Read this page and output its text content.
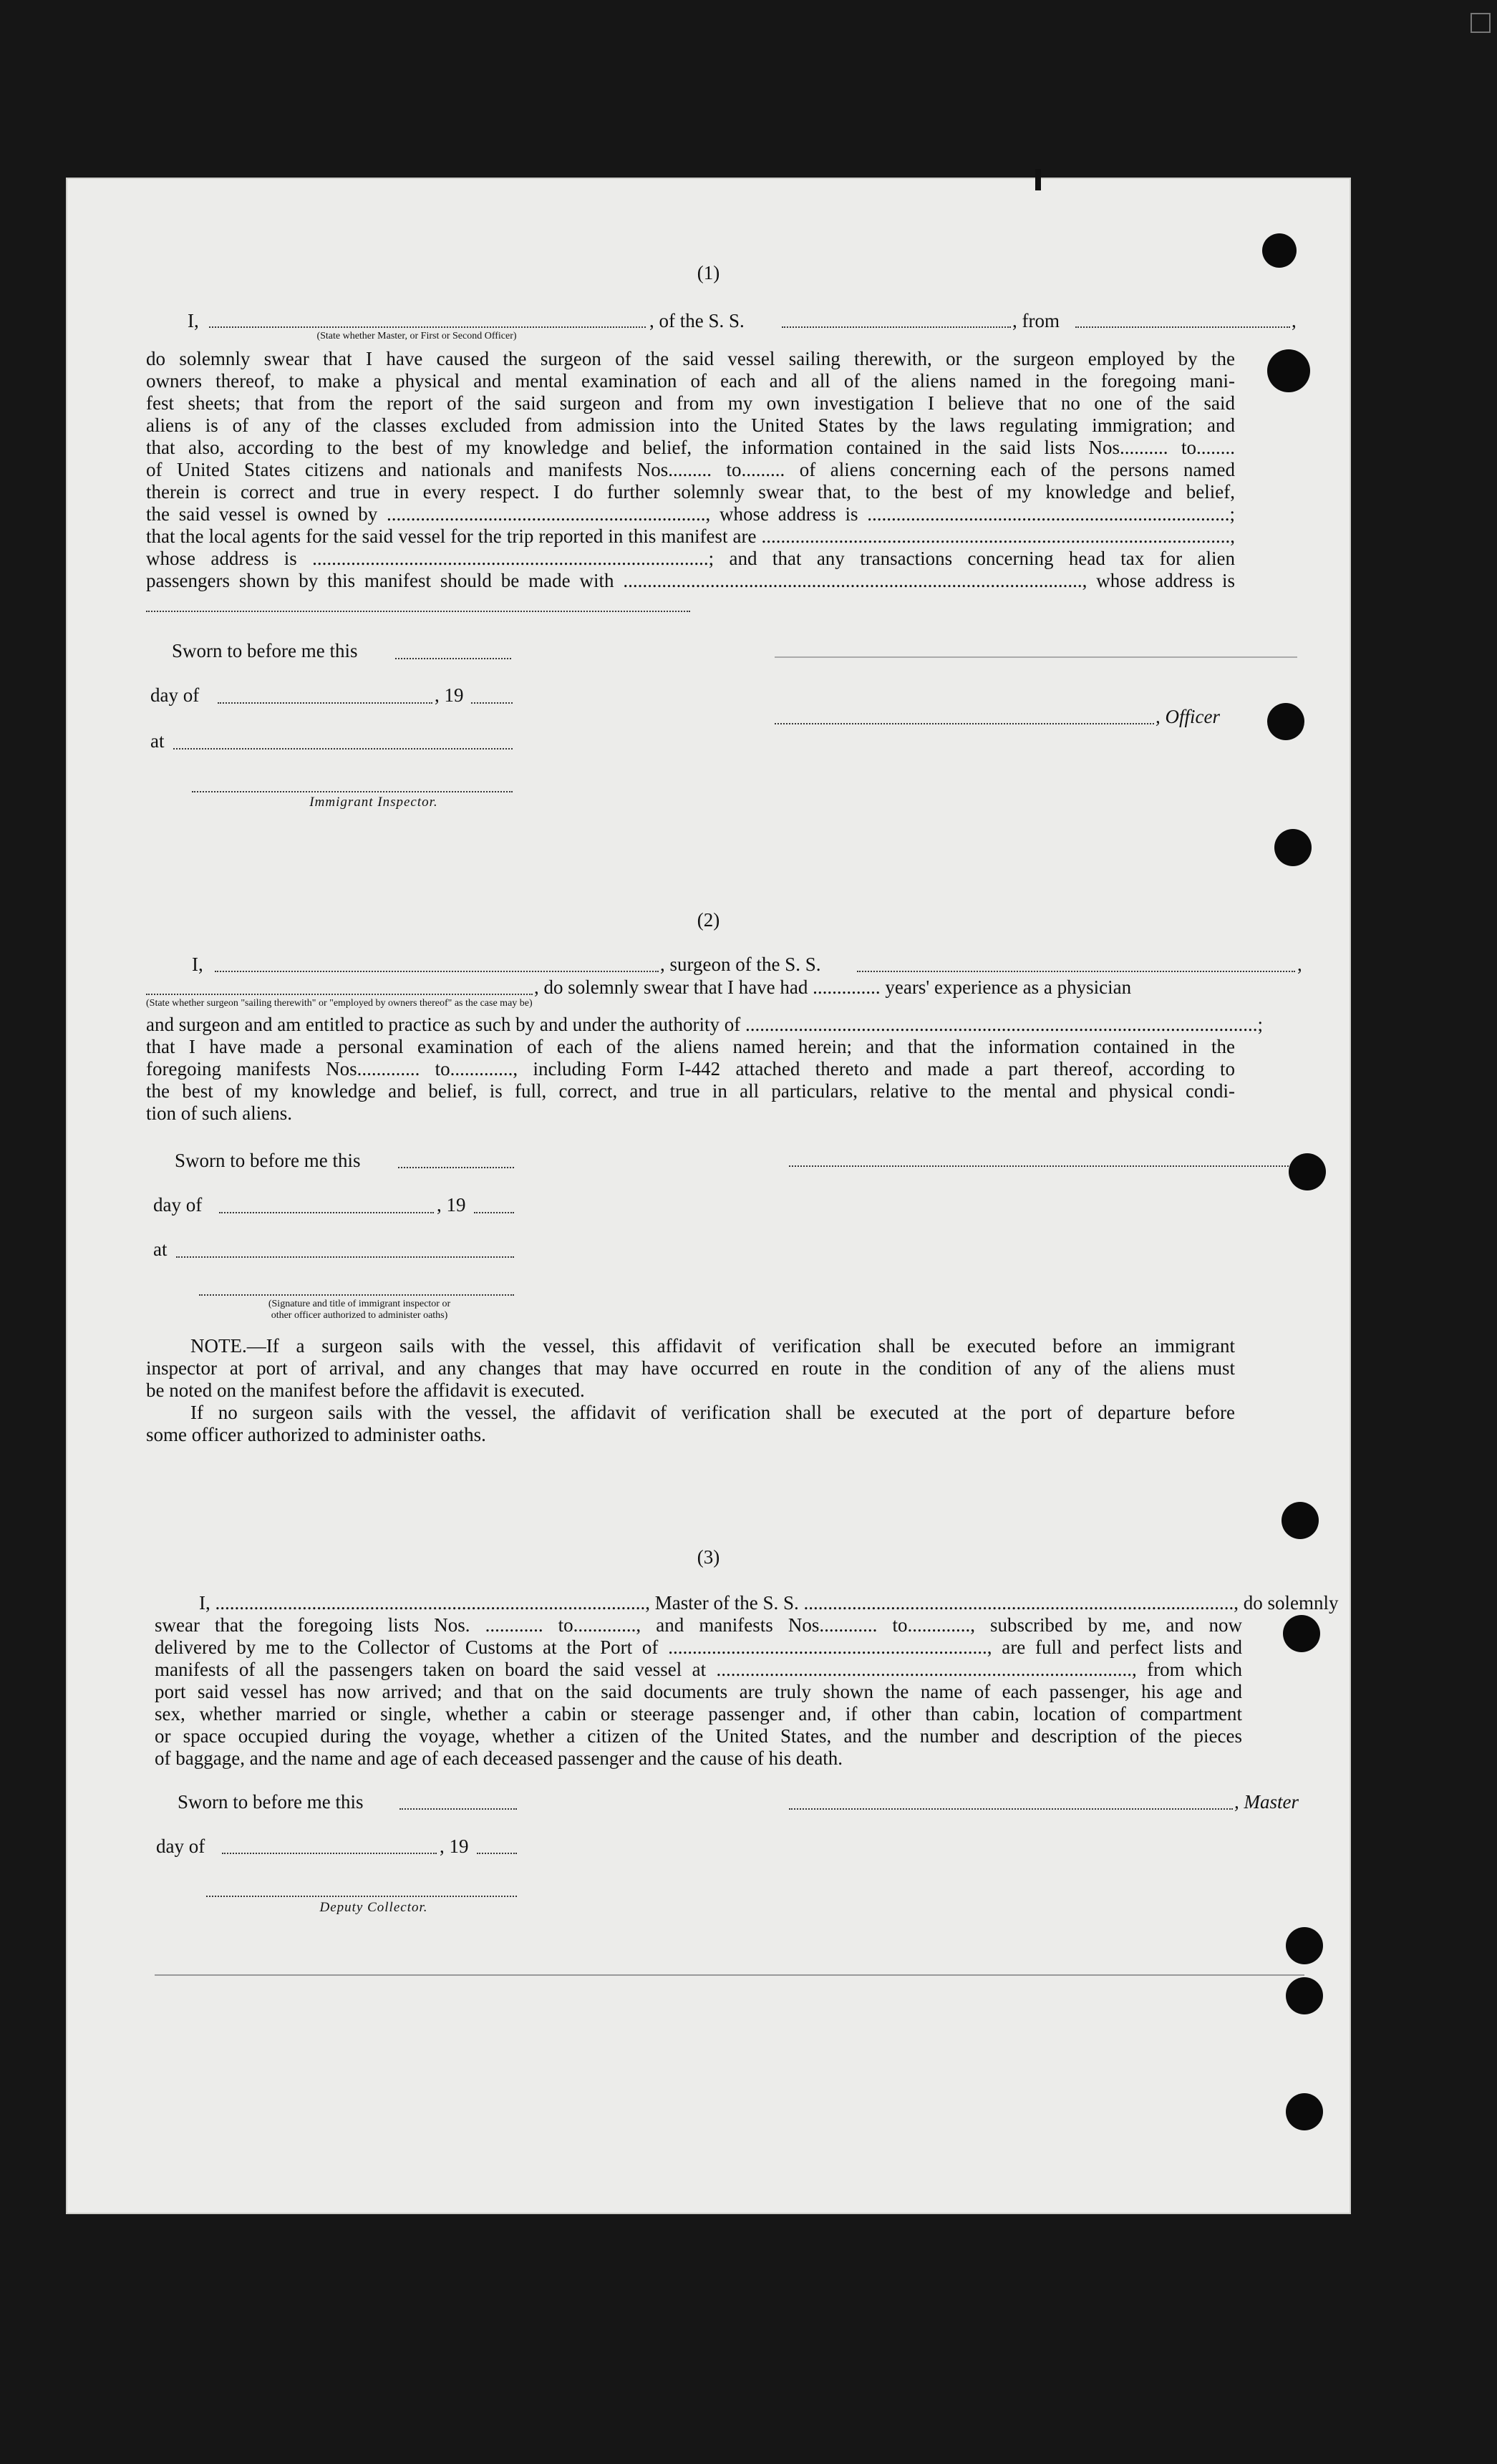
(1)
I,	, of the S. S.	, from	,
(State whether Master, or First or Second Officer)
do solemnly swear that I have caused the surgeon of the said vessel sailing therewith, or the surgeon employed by the
owners thereof, to make a physical and mental examination of each and all of the aliens named in the foregoing mani-
fest sheets; that from the report of the said surgeon and from my own investigation I believe that no one of the said
aliens is of any of the classes excluded from admission into the United States by the laws regulating immigration; and
that also, according to the best of my knowledge and belief, the information contained in the said lists Nos.......... to........
of United States citizens and nationals and manifests Nos......... to......... of aliens concerning each of the persons named
therein is correct and true in every respect. I do further solemnly swear that, to the best of my knowledge and belief,
the said vessel is owned by .................................................................., whose address is ...........................................................................;
that the local agents for the said vessel for the trip reported in this manifest are .................................................................................................,
whose address is ..................................................................................; and that any transactions concerning head tax for alien
passengers shown by this manifest should be made with ..............................................................................................., whose address is
Sworn to before me this
day of	, 19
, Officer
at
Immigrant Inspector.
(2)
I,	, surgeon of the S. S.	,
, do solemnly swear that I have had .............. years' experience as a physician
(State whether surgeon "sailing therewith" or "employed by owners thereof" as the case may be)
and surgeon and am entitled to practice as such by and under the authority of ..........................................................................................................;
that I have made a personal examination of each of the aliens named herein; and that the information contained in the
foregoing manifests Nos............. to............., including Form I-442 attached thereto and made a part thereof, according to
the best of my knowledge and belief, is full, correct, and true in all particulars, relative to the mental and physical condi-
tion of such aliens.
Sworn to before me this
day of	, 19
at
(Signature and title of immigrant inspector or
other officer authorized to administer oaths)
NOTE.—If a surgeon sails with the vessel, this affidavit of verification shall be executed before an immigrant
inspector at port of arrival, and any changes that may have occurred en route in the condition of any of the aliens must
be noted on the manifest before the affidavit is executed.
If no surgeon sails with the vessel, the affidavit of verification shall be executed at the port of departure before
some officer authorized to administer oaths.
(3)
I, ........................................................................................., Master of the S. S. ........................................................................................., do solemnly
swear that the foregoing lists Nos. ............ to............., and manifests Nos............ to............., subscribed by me, and now
delivered by me to the Collector of Customs at the Port of .................................................................., are full and perfect lists and
manifests of all the passengers taken on board the said vessel at ......................................................................................, from which
port said vessel has now arrived; and that on the said documents are truly shown the name of each passenger, his age and
sex, whether married or single, whether a cabin or steerage passenger and, if other than cabin, location of compartment
or space occupied during the voyage, whether a citizen of the United States, and the number and description of the pieces
of baggage, and the name and age of each deceased passenger and the cause of his death.
Sworn to before me this	, Master
day of	, 19
Deputy Collector.
